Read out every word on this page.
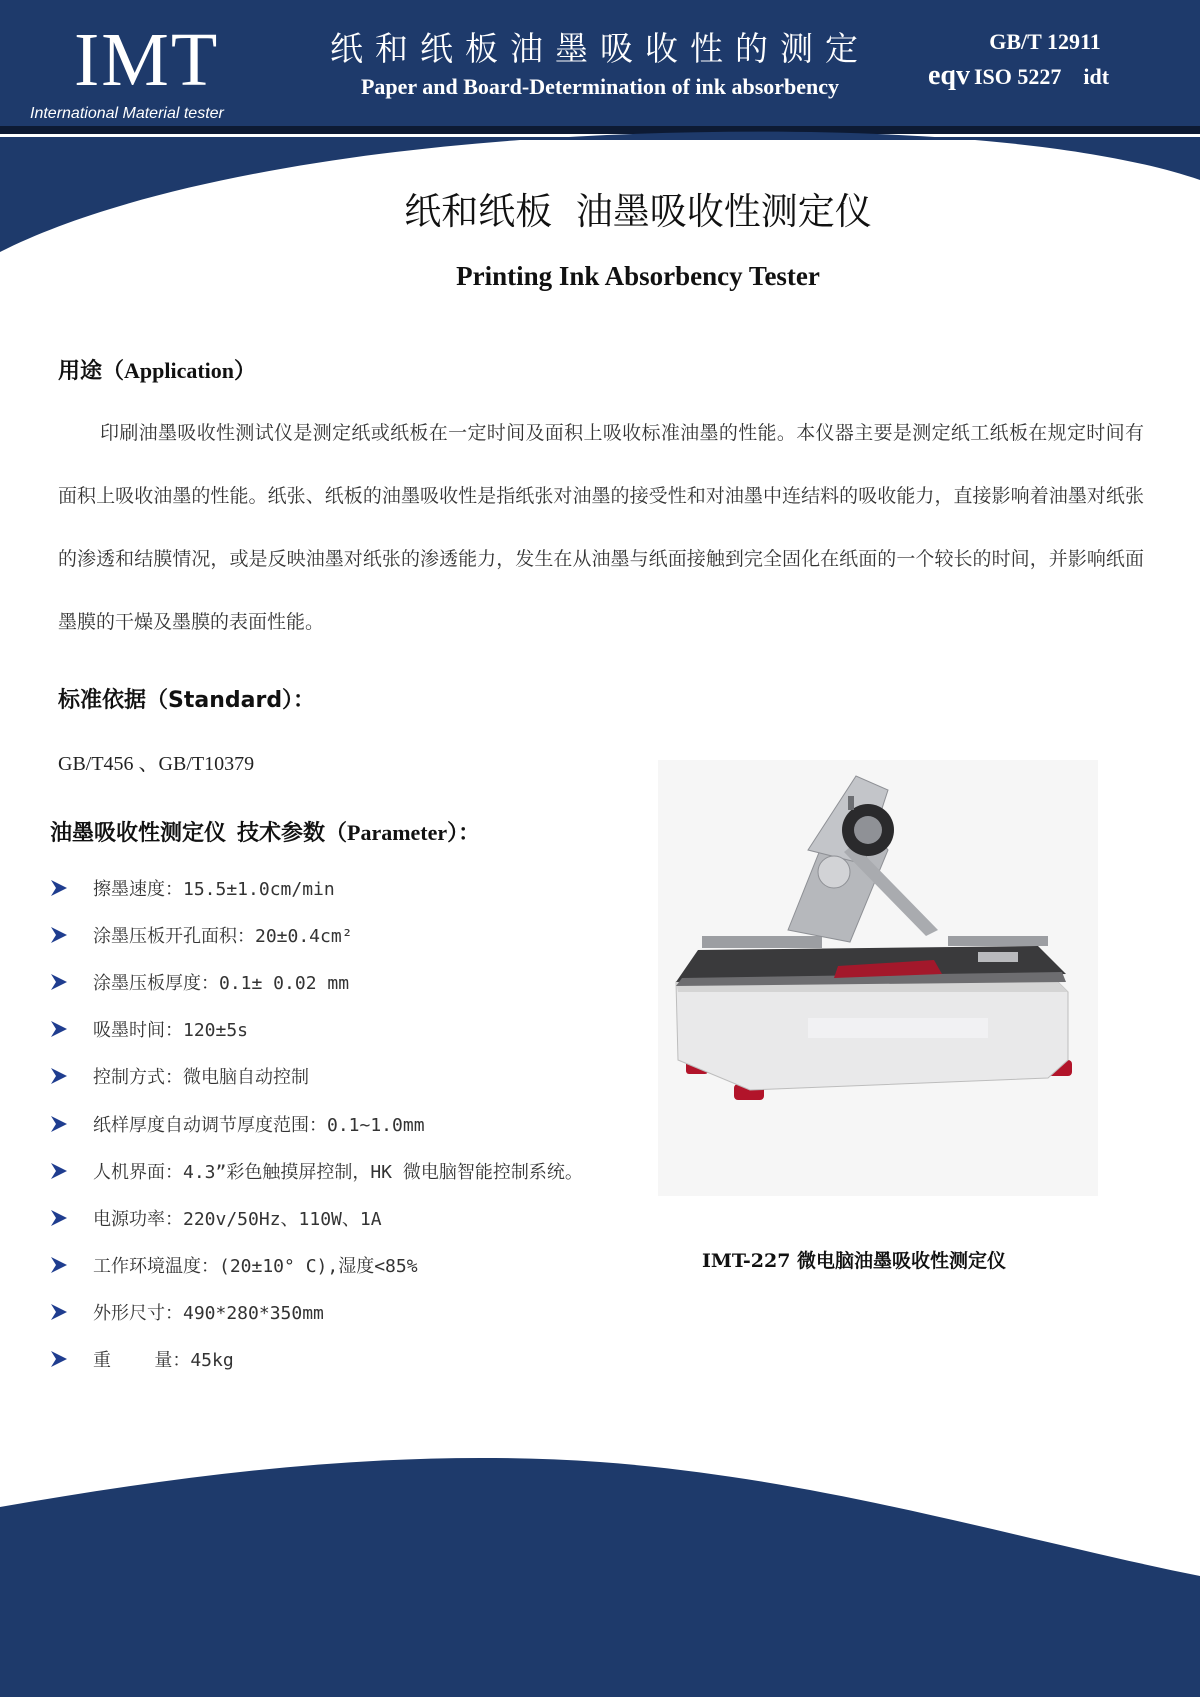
IMT
International Material tester
纸和纸板油墨吸收性的测定
Paper and Board-Determination of ink absorbency
GB/T 12911
eqv ISO 5227 idt
纸和纸板  油墨吸收性测定仪
Printing Ink Absorbency Tester
用途（Application）

印刷油墨吸收性测试仪是测定纸或纸板在一定时间及面积上吸收标准油墨的性能。本仪器主要是测定纸工纸板在规定时间有面积上吸收油墨的性能。纸张、纸板的油墨吸收性是指纸张对油墨的接受性和对油墨中连结料的吸收能力，直接影响着油墨对纸张的渗透和结膜情况，或是反映油墨对纸张的渗透能力，发生在从油墨与纸面接触到完全固化在纸面的一个较长的时间，并影响纸面墨膜的干燥及墨膜的表面性能。

标准依据（Standard）：
GB/T456 、GB/T10379
油墨吸收性测定仪  技术参数（Parameter）：
擦墨速度：15.5±1.0cm/min
涂墨压板开孔面积：20±0.4cm²
涂墨压板厚度：0.1± 0.02 mm
吸墨时间：120±5s
控制方式：微电脑自动控制
纸样厚度自动调节厚度范围：0.1~1.0mm
人机界面：4.3”彩色触摸屏控制，HK 微电脑智能控制系统。
电源功率：220v/50Hz、110W、1A
工作环境温度：(20±10° C),湿度<85%
外形尺寸：490*280*350mm
重    量：45kg
IMT-227 微电脑油墨吸收性测定仪
